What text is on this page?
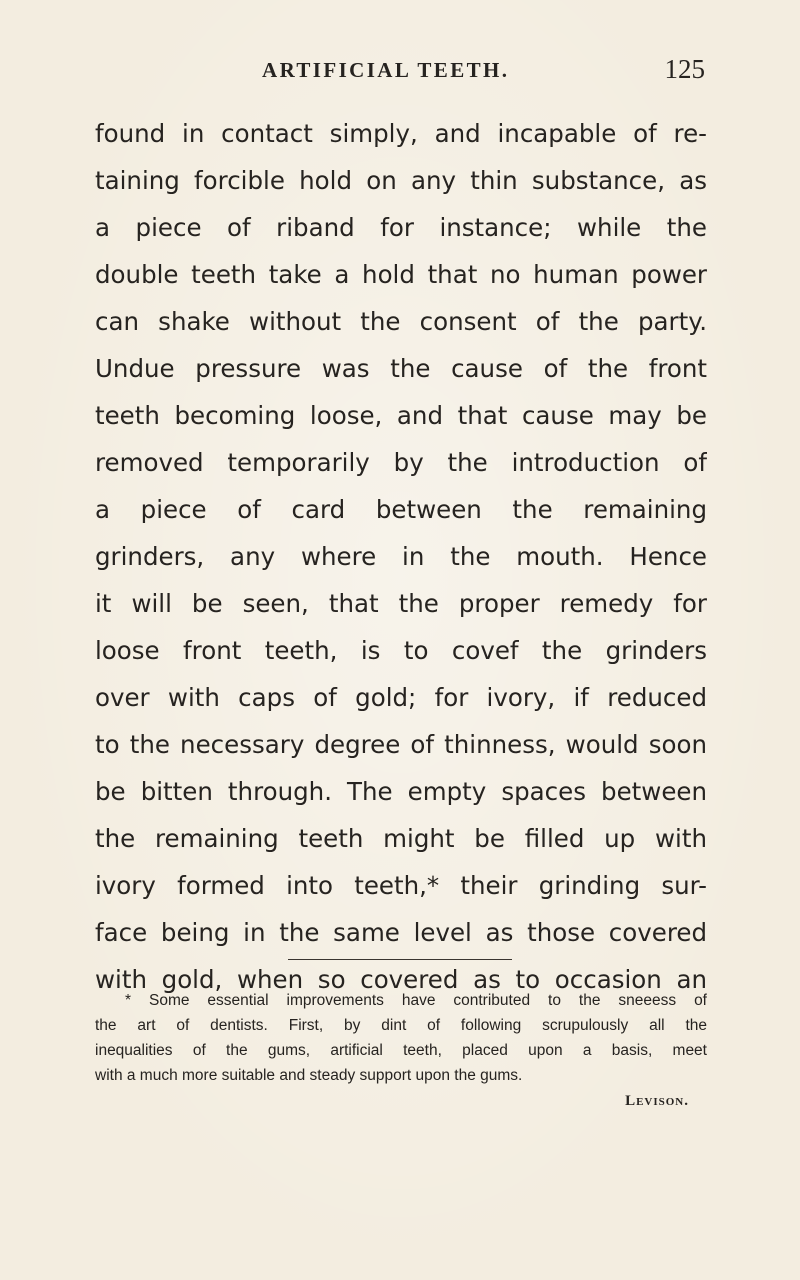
ARTIFICIAL TEETH.	125
found in contact simply, and incapable of re-
taining forcible hold on any thin substance, as
a piece of riband for instance; while the
double teeth take a hold that no human power
can shake without the consent of the party.
Undue pressure was the cause of the front
teeth becoming loose, and that cause may be
removed temporarily by the introduction of
a piece of card between the remaining
grinders, any where in the mouth. Hence
it will be seen, that the proper remedy for
loose front teeth, is to covef the grinders
over with caps of gold; for ivory, if reduced
to the necessary degree of thinness, would soon
be bitten through. The empty spaces between
the remaining teeth might be filled up with
ivory formed into teeth,* their grinding sur-
face being in the same level as those covered
with gold, when so covered as to occasion an
* Some essential improvements have contributed to the sneeess of
the art of dentists. First, by dint of following scrupulously all the
inequalities of the gums, artificial teeth, placed upon a basis, meet
with a much more suitable and steady support upon the gums.
Levison.
